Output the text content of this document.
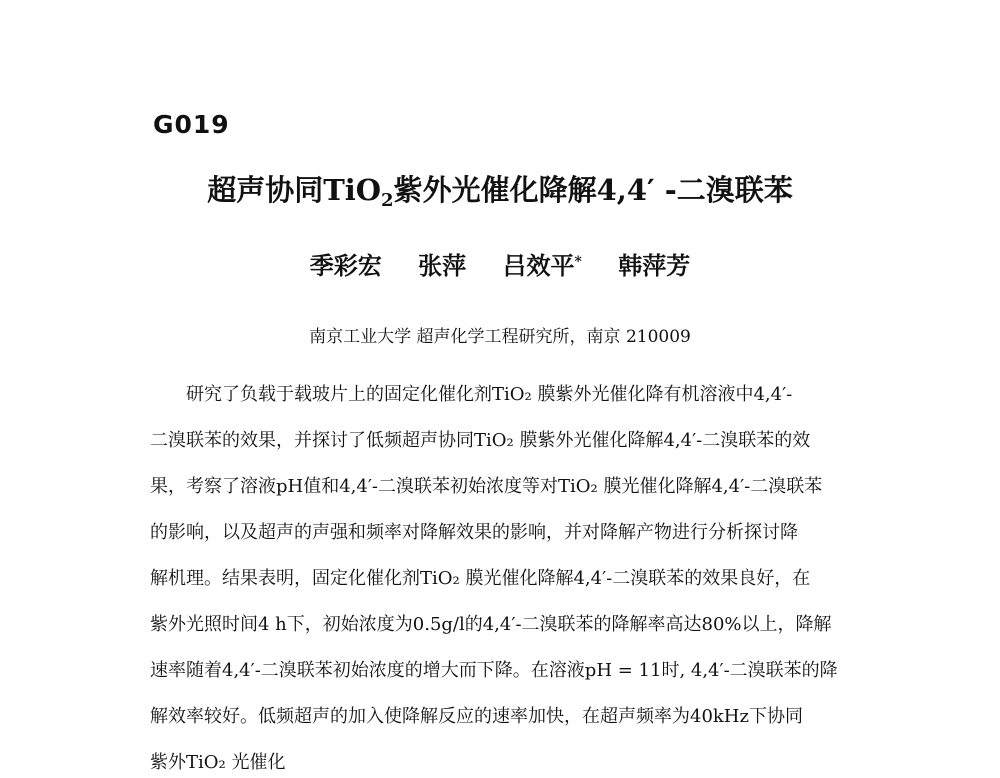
G019
超声协同TiO$_2$紫外光催化降解4,4′ -二溴联苯
季彩宏 张萍 吕效平* 韩萍芳
南京工业大学 超声化学工程研究所，南京 210009
研究了负载于载玻片上的固定化催化剂TiO₂ 膜紫外光催化降有机溶液中4,4′-
二溴联苯的效果，并探讨了低频超声协同TiO₂ 膜紫外光催化降解4,4′-二溴联苯的效
果，考察了溶液pH值和4,4′-二溴联苯初始浓度等对TiO₂ 膜光催化降解4,4′-二溴联苯
的影响，以及超声的声强和频率对降解效果的影响，并对降解产物进行分析探讨降
解机理。结果表明，固定化催化剂TiO₂ 膜光催化降解4,4′-二溴联苯的效果良好，在
紫外光照时间4 h下，初始浓度为0.5g/l的4,4′-二溴联苯的降解率高达80%以上，降解
速率随着4,4′-二溴联苯初始浓度的增大而下降。在溶液pH = 11时, 4,4′-二溴联苯的降
解效率较好。低频超声的加入使降解反应的速率加快，在超声频率为40kHz下协同
紫外TiO₂ 光催化
